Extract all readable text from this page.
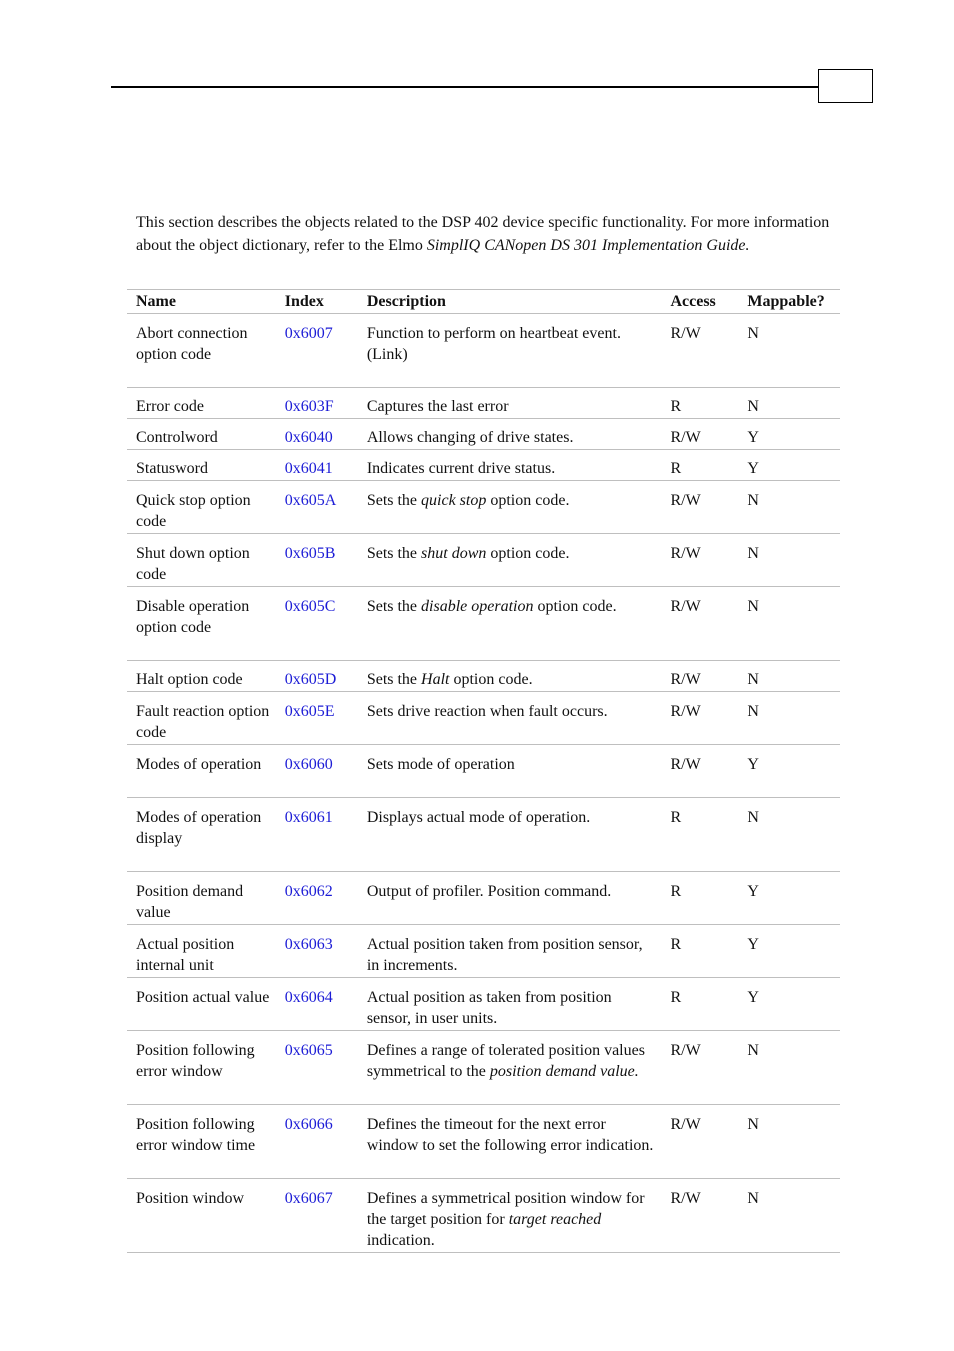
This section describes the objects related to the DSP 402 device specific functionality. For more information about the object dictionary, refer to the Elmo SimplIQ CANopen DS 301 Implementation Guide.

Name	Index	Description	Access	Mappable?
Abort connection option code	0x6007	Function to perform on heartbeat event. (Link)	R/W	N
Error code	0x603F	Captures the last error	R	N
Controlword	0x6040	Allows changing of drive states.	R/W	Y
Statusword	0x6041	Indicates current drive status.	R	Y
Quick stop option code	0x605A	Sets the quick stop option code.	R/W	N
Shut down option code	0x605B	Sets the shut down option code.	R/W	N
Disable operation option code	0x605C	Sets the disable operation option code.	R/W	N
Halt option code	0x605D	Sets the Halt option code.	R/W	N
Fault reaction option code	0x605E	Sets drive reaction when fault occurs.	R/W	N
Modes of operation	0x6060	Sets mode of operation	R/W	Y
Modes of operation display	0x6061	Displays actual mode of operation.	R	N
Position demand value	0x6062	Output of profiler. Position command.	R	Y
Actual position internal unit	0x6063	Actual position taken from position sensor, in increments.	R	Y
Position actual value	0x6064	Actual position as taken from position sensor, in user units.	R	Y
Position following error window	0x6065	Defines a range of tolerated position values symmetrical to the position demand value.	R/W	N
Position following error window time	0x6066	Defines the timeout for the next error window to set the following error indication.	R/W	N
Position window	0x6067	Defines a symmetrical position window for the target position for target reached indication.	R/W	N
